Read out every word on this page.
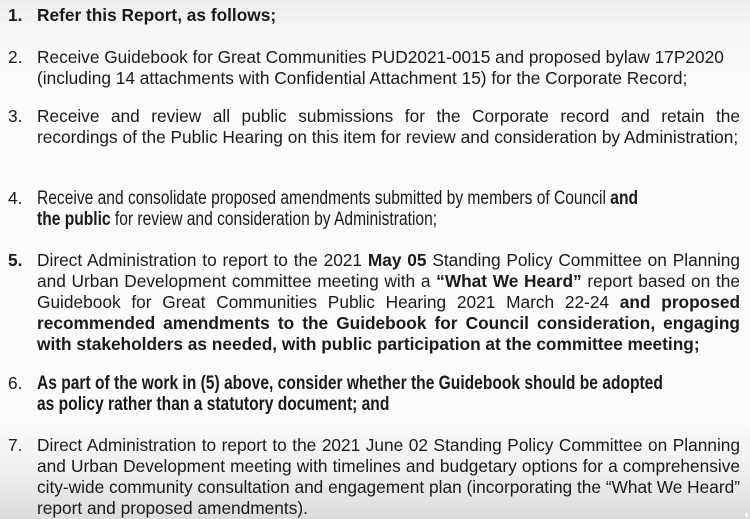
1. Refer this Report, as follows;
2. Receive Guidebook for Great Communities PUD2021-0015 and proposed bylaw 17P2020
(including 14 attachments with Confidential Attachment 15) for the Corporate Record;
3. Receive and review all public submissions for the Corporate record and retain the recordings of the Public Hearing on this item for review and consideration by Administration;
4. Receive and consolidate proposed amendments submitted by members of Council and
the public for review and consideration by Administration;
5. Direct Administration to report to the 2021 May 05 Standing Policy Committee on Planning and Urban Development committee meeting with a “What We Heard” report based on the Guidebook for Great Communities Public Hearing 2021 March 22-24 and proposed recommended amendments to the Guidebook for Council consideration, engaging with stakeholders as needed, with public participation at the committee meeting;
6. As part of the work in (5) above, consider whether the Guidebook should be adopted
as policy rather than a statutory document; and
7. Direct Administration to report to the 2021 June 02 Standing Policy Committee on Planning and Urban Development meeting with timelines and budgetary options for a comprehensive city-wide community consultation and engagement plan (incorporating the “What We Heard” report and proposed amendments).
